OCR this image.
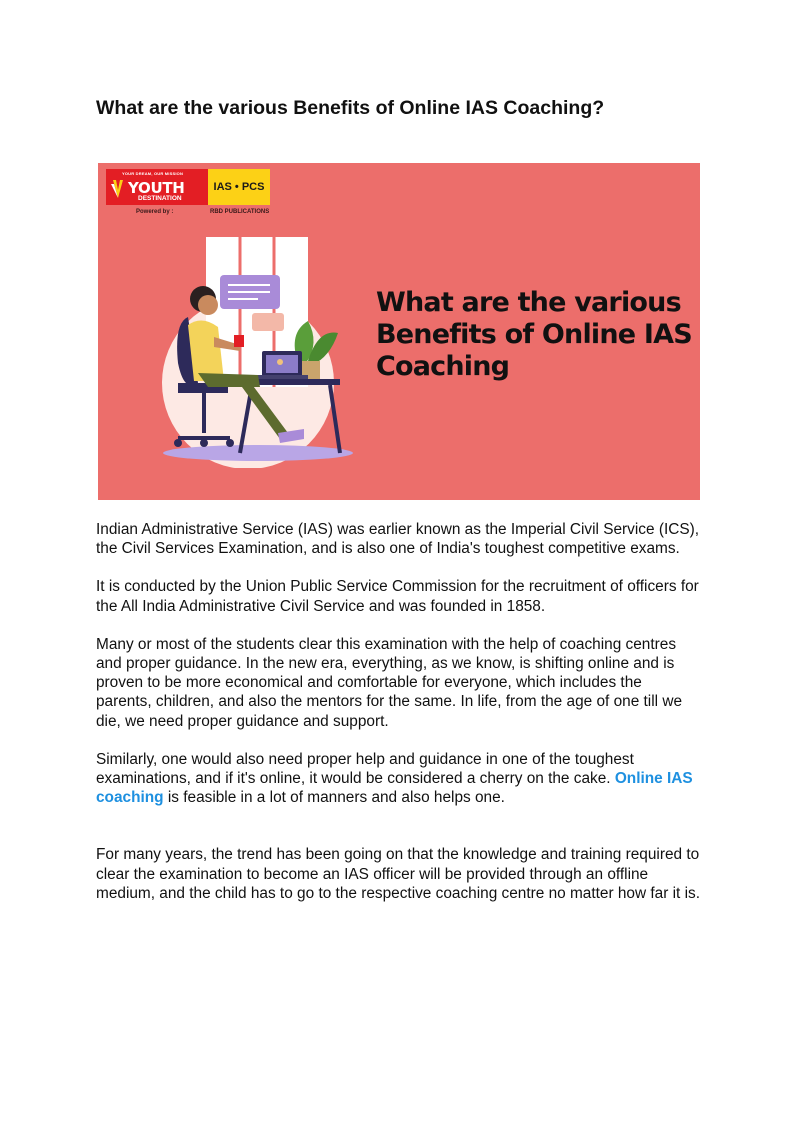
What are the various Benefits of Online IAS Coaching?
YOUR DREAM, OUR MISSION
YOUTH
DESTINATION
IAS • PCS
Powered by :	RBD PUBLICATIONS
What are the various
Benefits of Online IAS
Coaching

Indian Administrative Service (IAS) was earlier known as the Imperial Civil Service (ICS), the Civil Services Examination, and is also one of India's toughest competitive exams.

It is conducted by the Union Public Service Commission for the recruitment of officers for the All India Administrative Civil Service and was founded in 1858.

Many or most of the students clear this examination with the help of coaching centres and proper guidance. In the new era, everything, as we know, is shifting online and is proven to be more economical and comfortable for everyone, which includes the parents, children, and also the mentors for the same. In life, from the age of one till we die, we need proper guidance and support.

Similarly, one would also need proper help and guidance in one of the toughest examinations, and if it's online, it would be considered a cherry on the cake. Online IAS coaching is feasible in a lot of manners and also helps one.

For many years, the trend has been going on that the knowledge and training required to clear the examination to become an IAS officer will be provided through an offline medium, and the child has to go to the respective coaching centre no matter how far it is.
